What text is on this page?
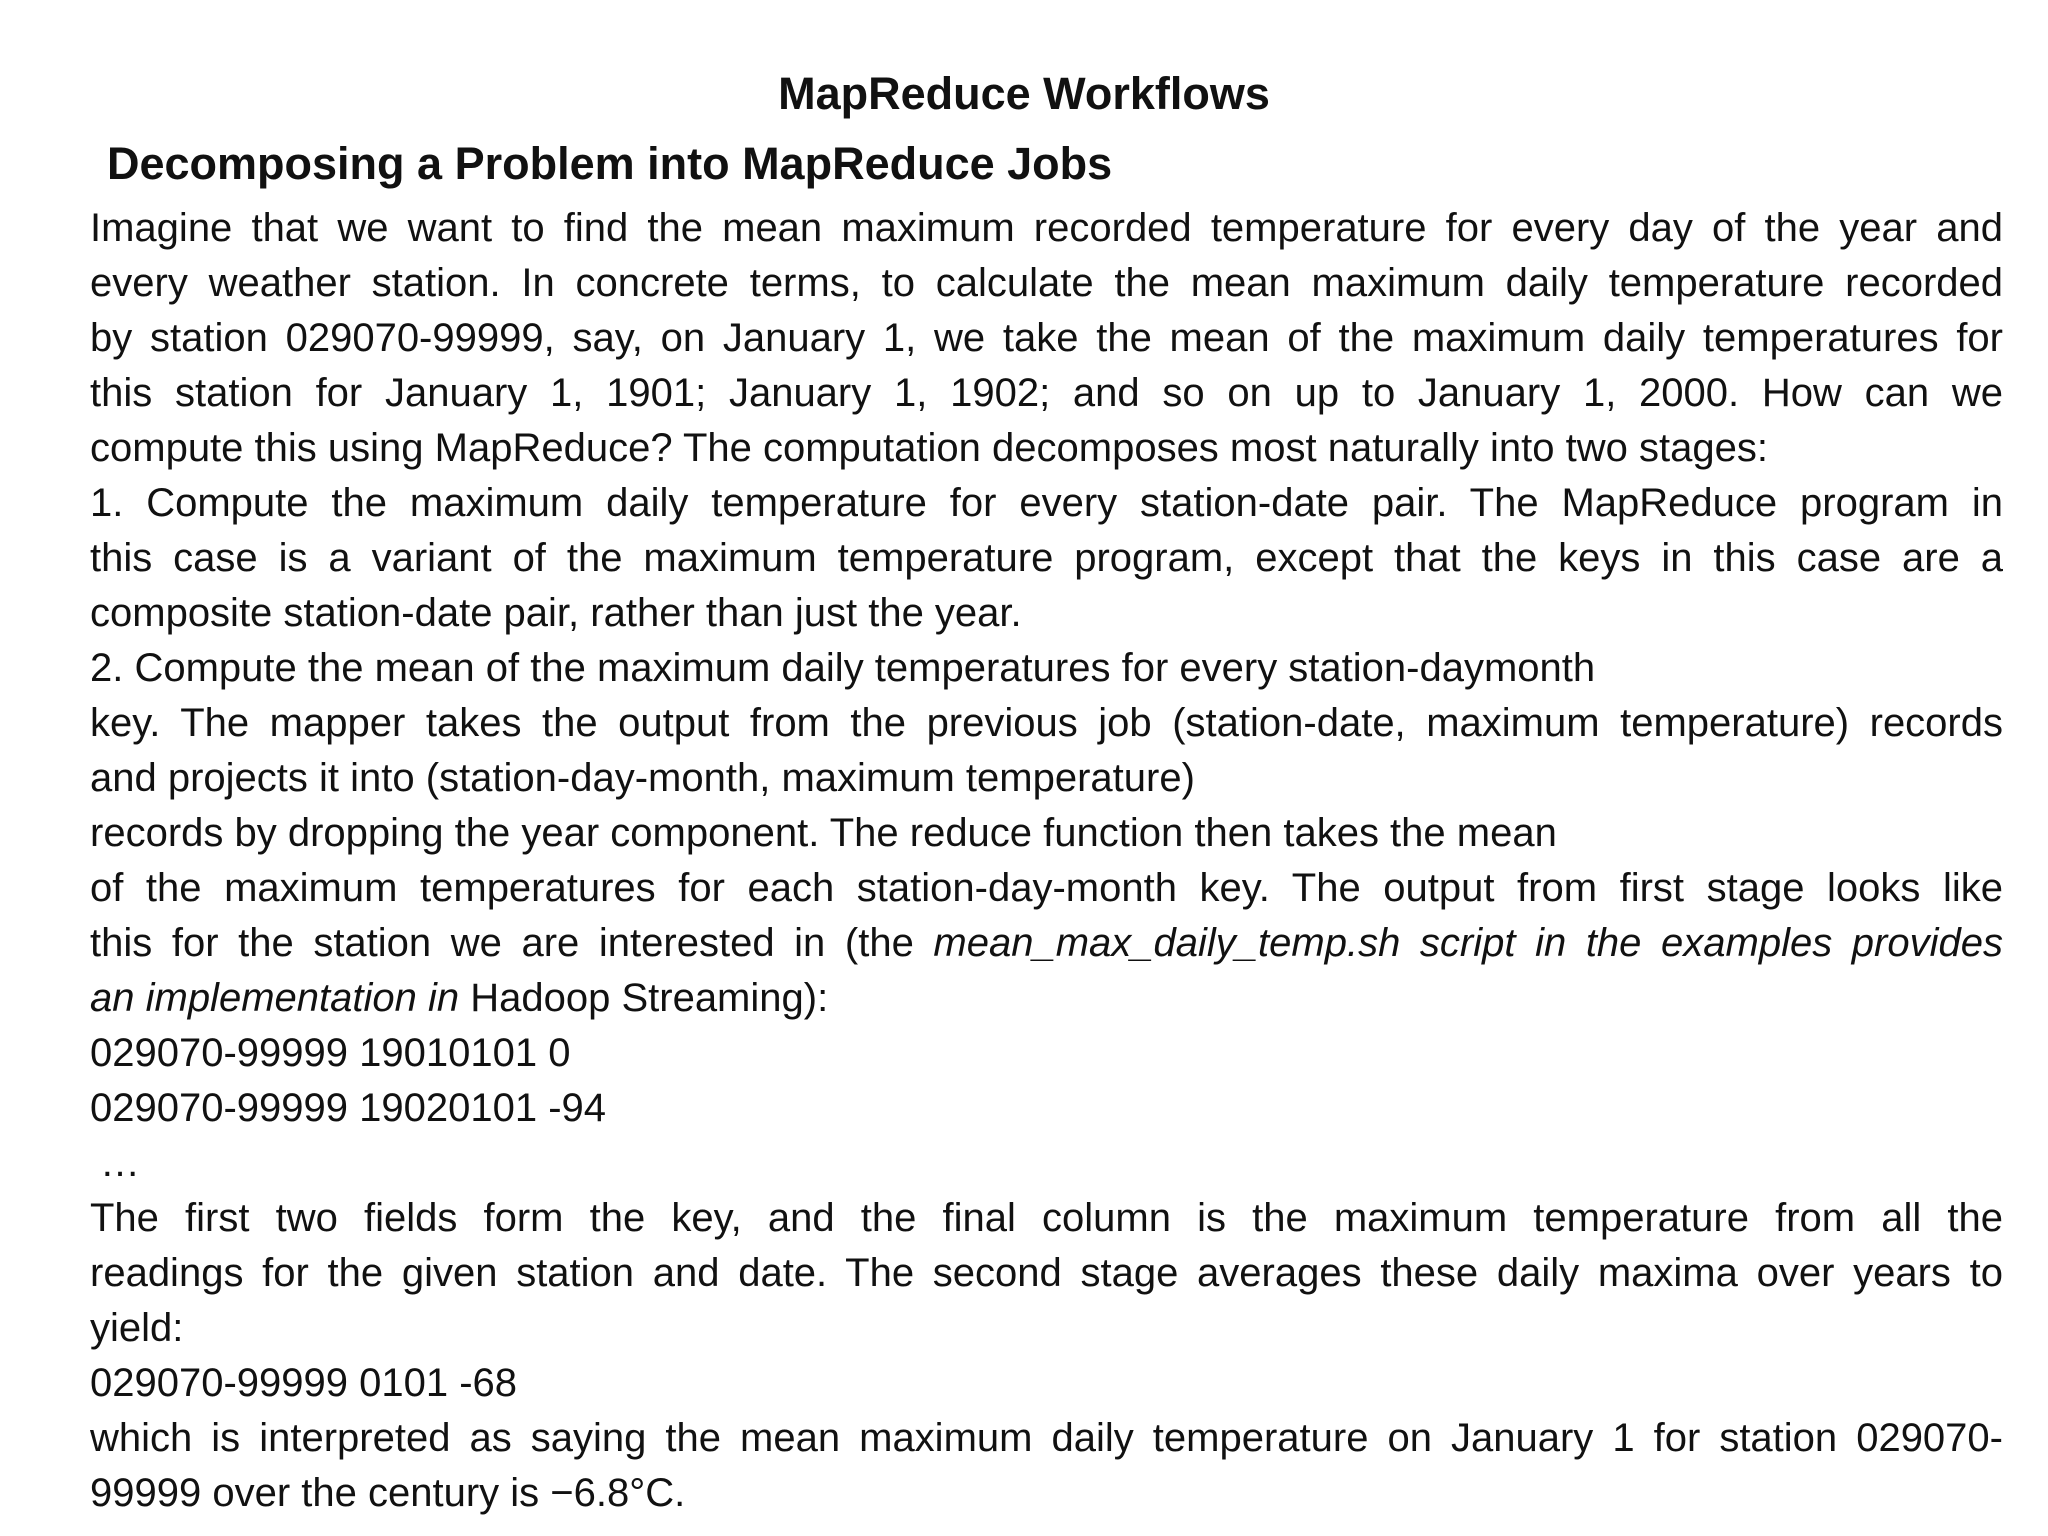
MapReduce Workflows
Decomposing a Problem into MapReduce Jobs
Imagine that we want to find the mean maximum recorded temperature for every day of the year and
every weather station. In concrete terms, to calculate the mean maximum daily temperature recorded
by station 029070-99999, say, on January 1, we take the mean of the maximum daily temperatures for
this station for January 1, 1901; January 1, 1902; and so on up to January 1, 2000. How can we
compute this using MapReduce? The computation decomposes most naturally into two stages:
1. Compute the maximum daily temperature for every station-date pair. The MapReduce program in
this case is a variant of the maximum temperature program, except that the keys in this case are a
composite station-date pair, rather than just the year.
2. Compute the mean of the maximum daily temperatures for every station-daymonth
key. The mapper takes the output from the previous job (station-date, maximum temperature) records
and projects it into (station-day-month, maximum temperature)
records by dropping the year component. The reduce function then takes the mean
of the maximum temperatures for each station-day-month key. The output from first stage looks like
this for the station we are interested in (the mean_max_daily_temp.sh script in the examples provides
an implementation in Hadoop Streaming):
029070-99999 19010101 0
029070-99999 19020101 -94
…
The first two fields form the key, and the final column is the maximum temperature from all the
readings for the given station and date. The second stage averages these daily maxima over years to
yield:
029070-99999 0101 -68
which is interpreted as saying the mean maximum daily temperature on January 1 for station 029070-
99999 over the century is −6.8°C.
